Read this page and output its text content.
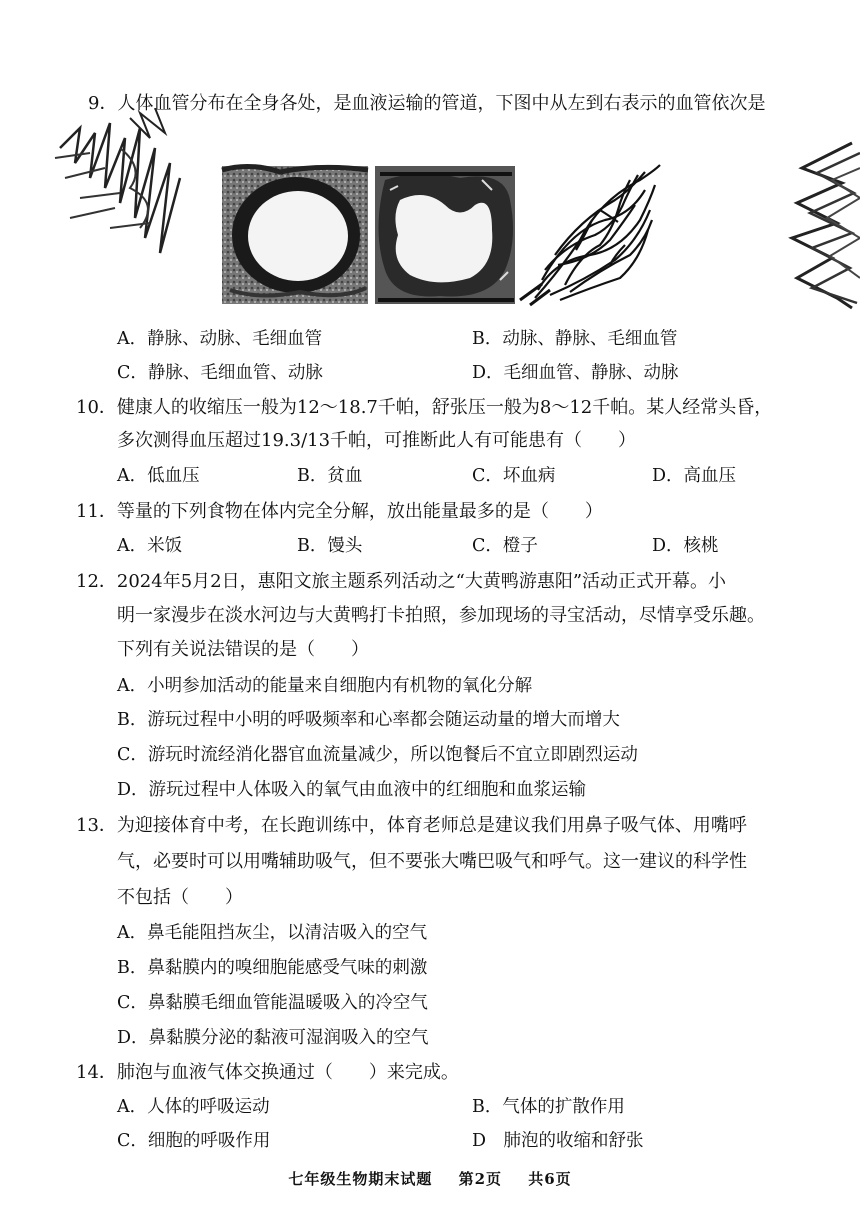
9．人体血管分布在全身各处，是血液运输的管道，下图中从左到右表示的血管依次是
A．静脉、动脉、毛细血管	B．动脉、静脉、毛细血管
C．静脉、毛细血管、动脉	D．毛细血管、静脉、动脉
10．健康人的收缩压一般为12～18.7千帕，舒张压一般为8～12千帕。某人经常头昏，
多次测得血压超过19.3/13千帕，可推断此人有可能患有（　　）
A．低血压	B．贫血	C．坏血病	D．高血压
11．等量的下列食物在体内完全分解，放出能量最多的是（　　）
A．米饭	B．馒头	C．橙子	D．核桃
12．2024年5月2日，惠阳文旅主题系列活动之“大黄鸭游惠阳”活动正式开幕。小
明一家漫步在淡水河边与大黄鸭打卡拍照，参加现场的寻宝活动，尽情享受乐趣。
下列有关说法错误的是（　　）
A．小明参加活动的能量来自细胞内有机物的氧化分解
B．游玩过程中小明的呼吸频率和心率都会随运动量的增大而增大
C．游玩时流经消化器官血流量减少，所以饱餐后不宜立即剧烈运动
D．游玩过程中人体吸入的氧气由血液中的红细胞和血浆运输
13．为迎接体育中考，在长跑训练中，体育老师总是建议我们用鼻子吸气体、用嘴呼
气，必要时可以用嘴辅助吸气，但不要张大嘴巴吸气和呼气。这一建议的科学性
不包括（　　）
A．鼻毛能阻挡灰尘，以清洁吸入的空气
B．鼻黏膜内的嗅细胞能感受气味的刺激
C．鼻黏膜毛细血管能温暖吸入的冷空气
D．鼻黏膜分泌的黏液可湿润吸入的空气
14．肺泡与血液气体交换通过（　　）来完成。
A．人体的呼吸运动	B．气体的扩散作用
C．细胞的呼吸作用	D　肺泡的收缩和舒张
七年级生物期末试题 第2页 共6页
